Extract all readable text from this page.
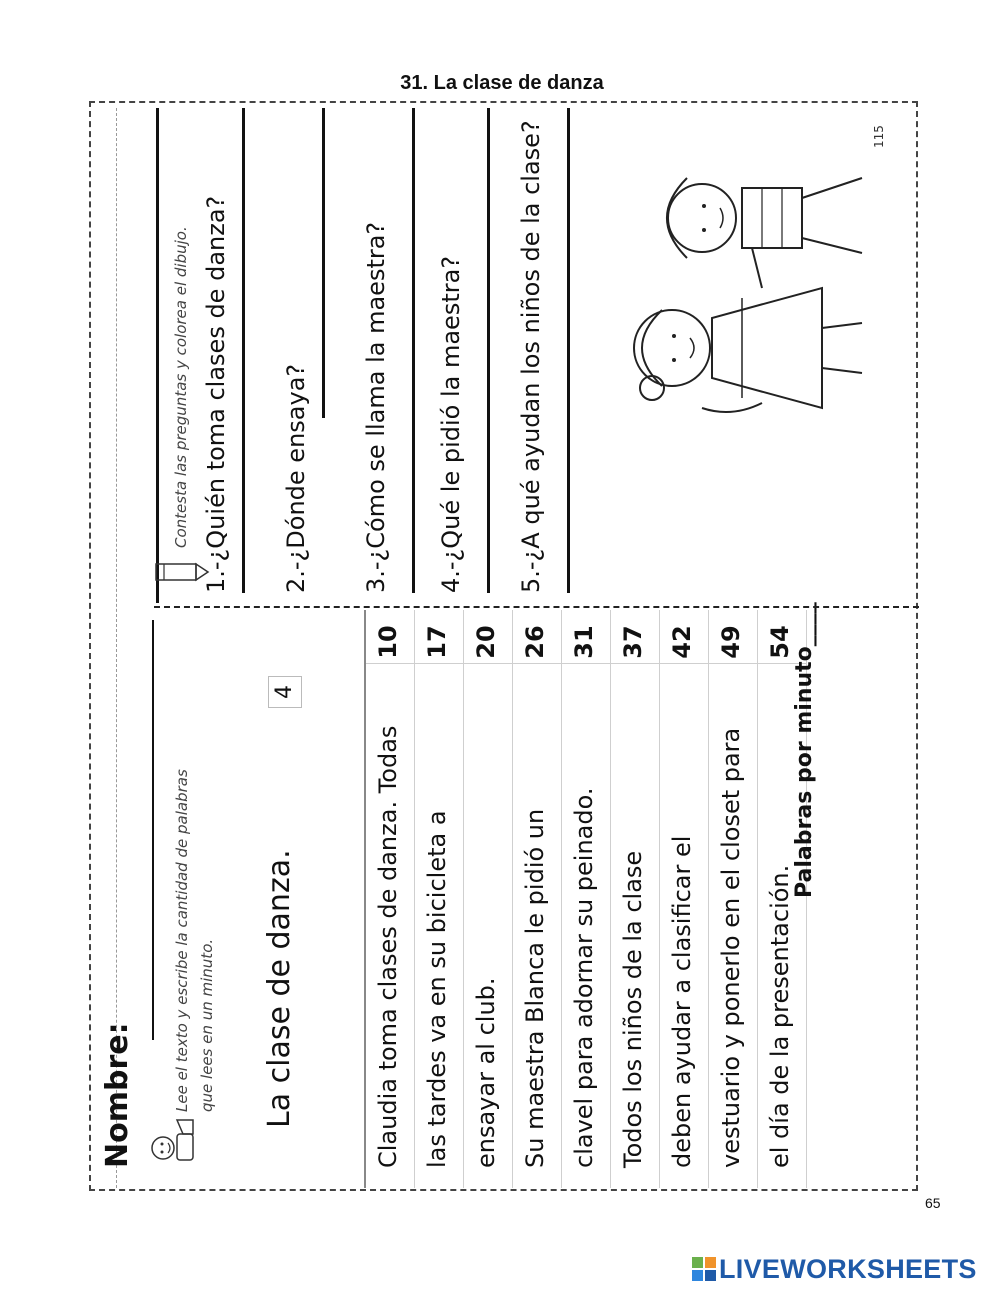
31. La clase de danza
Nombre:	Lee el texto y escribe la cantidad de palabras que lees en un minuto. La clase de danza.
4
Claudia toma clases de danza. Todas
10
las tardes va en su bicicleta a
17
ensayar al club.
20
Su maestra Blanca le pidió un
26
clavel para adornar su peinado.
31
Todos los niños de la clase
37
deben ayudar a clasificar el
42
vestuario y ponerlo en el closet para
49
el día de la presentación.
54
Palabras por minuto____
Contesta las preguntas y colorea el dibujo. 1.-¿Quién toma clases de danza? 2.-¿Dónde ensaya? 3.-¿Cómo se llama la maestra? 4.-¿Qué le pidió la maestra? 5.-¿A qué ayudan los niños de la clase?	115
65
LIVEWORKSHEETS
